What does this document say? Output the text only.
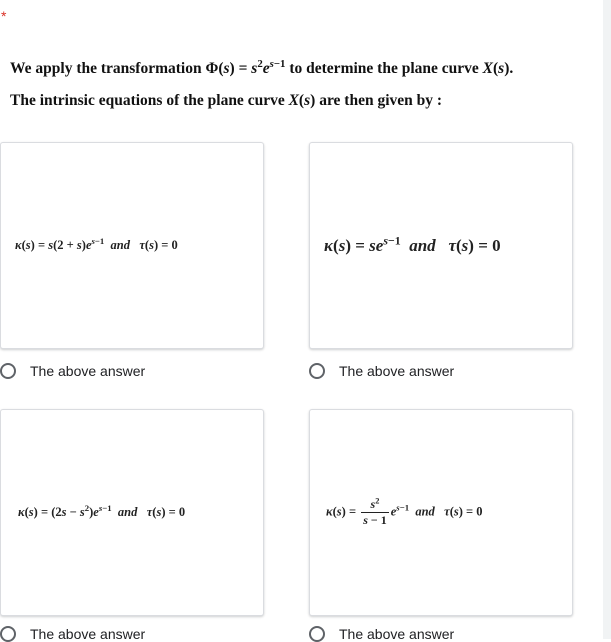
*

We apply the transformation $\Phi(s) = s^2e^{s-1}$ to determine the plane curve X(s).

The intrinsic equations of the plane curve X(s) are then given by :

$\kappa(s) = s(2 + s)e^{s-1}$ and τ(s) = 0
The above answer
$\kappa(s) = se^{s-1}$ and τ(s) = 0
The above answer
$\kappa(s) = (2s - s^2)e^{s-1}$ and τ(s) = 0
The above answer
$\kappa(s) = \frac{s^2}{s - 1} e^{s-1}$ and τ(s) = 0
The above answer
